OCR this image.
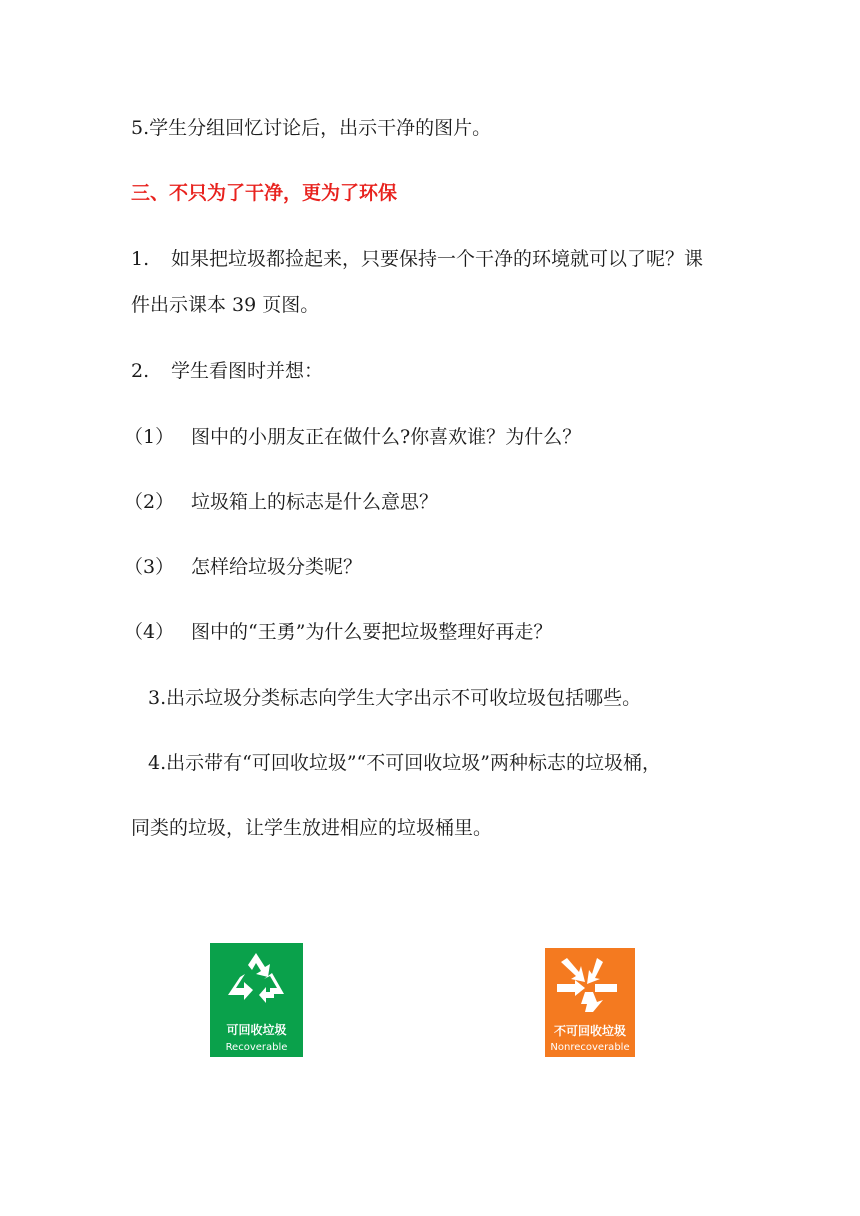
5.学生分组回忆讨论后，出示干净的图片。
三、不只为了干净，更为了环保
1. 如果把垃圾都捡起来，只要保持一个干净的环境就可以了呢？课
件出示课本 39 页图。
2. 学生看图时并想：
（1） 图中的小朋友正在做什么?你喜欢谁？为什么？
（2） 垃圾箱上的标志是什么意思？
（3） 怎样给垃圾分类呢？
（4） 图中的“王勇”为什么要把垃圾整理好再走？
3.出示垃圾分类标志向学生大字出示不可收垃圾包括哪些。
4.出示带有“可回收垃圾”“不可回收垃圾”两种标志的垃圾桶，
同类的垃圾，让学生放进相应的垃圾桶里。
可回收垃圾
Recoverable
不可回收垃圾
Nonrecoverable
